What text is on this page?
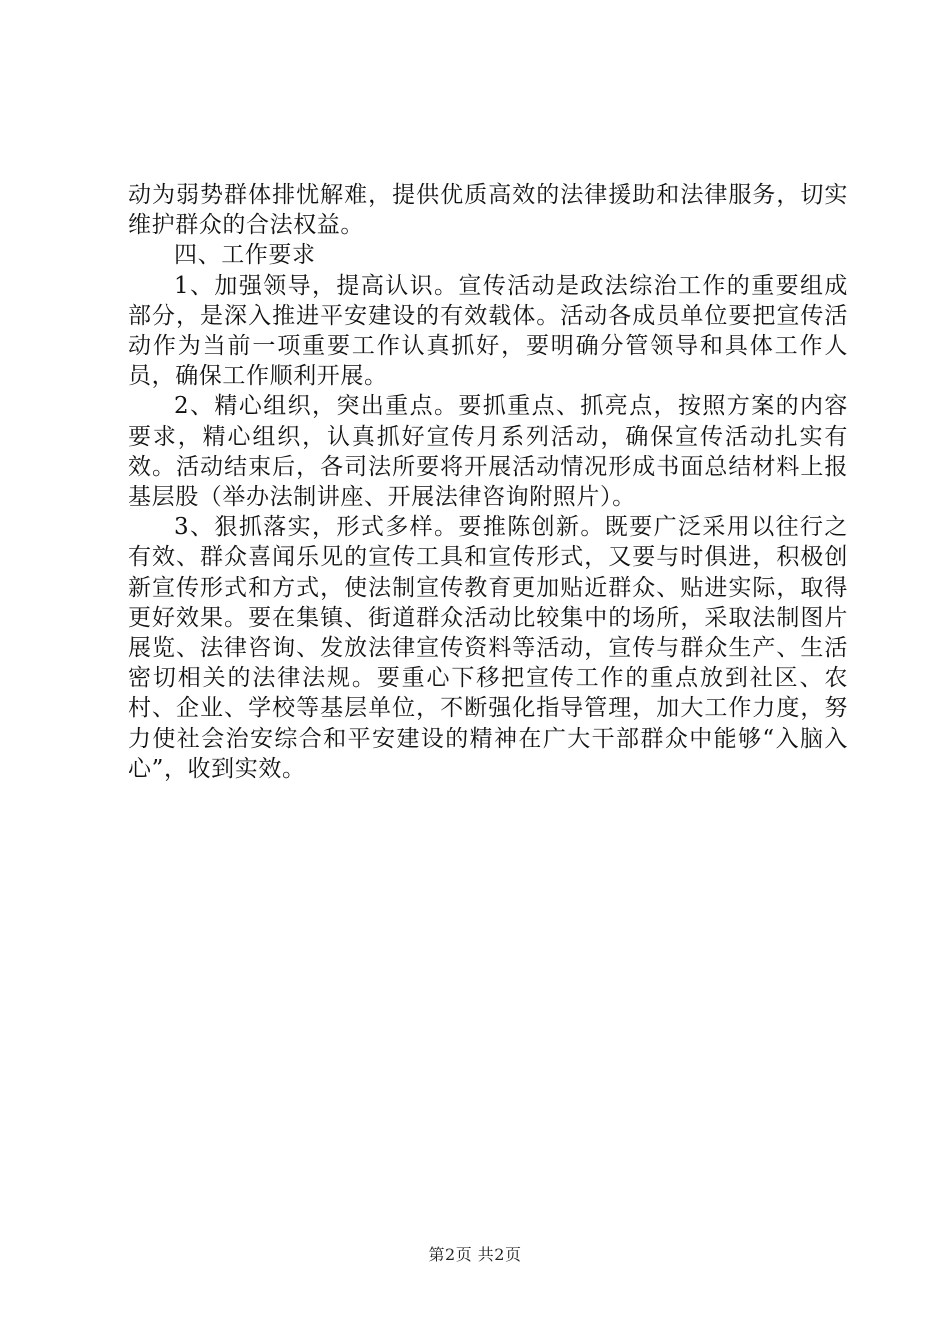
动为弱势群体排忧解难，提供优质高效的法律援助和法律服务，切实维护群众的合法权益。

四、工作要求

1、加强领导，提高认识。宣传活动是政法综治工作的重要组成部分，是深入推进平安建设的有效载体。活动各成员单位要把宣传活动作为当前一项重要工作认真抓好，要明确分管领导和具体工作人员，确保工作顺利开展。

2、精心组织，突出重点。要抓重点、抓亮点，按照方案的内容要求，精心组织，认真抓好宣传月系列活动，确保宣传活动扎实有效。活动结束后，各司法所要将开展活动情况形成书面总结材料上报基层股（举办法制讲座、开展法律咨询附照片）。

3、狠抓落实，形式多样。要推陈创新。既要广泛采用以往行之有效、群众喜闻乐见的宣传工具和宣传形式，又要与时俱进，积极创新宣传形式和方式，使法制宣传教育更加贴近群众、贴进实际，取得更好效果。要在集镇、街道群众活动比较集中的场所，采取法制图片展览、法律咨询、发放法律宣传资料等活动，宣传与群众生产、生活密切相关的法律法规。要重心下移把宣传工作的重点放到社区、农村、企业、学校等基层单位，不断强化指导管理，加大工作力度，努力使社会治安综合和平安建设的精神在广大干部群众中能够“入脑入心”，收到实效。

第2页 共2页
